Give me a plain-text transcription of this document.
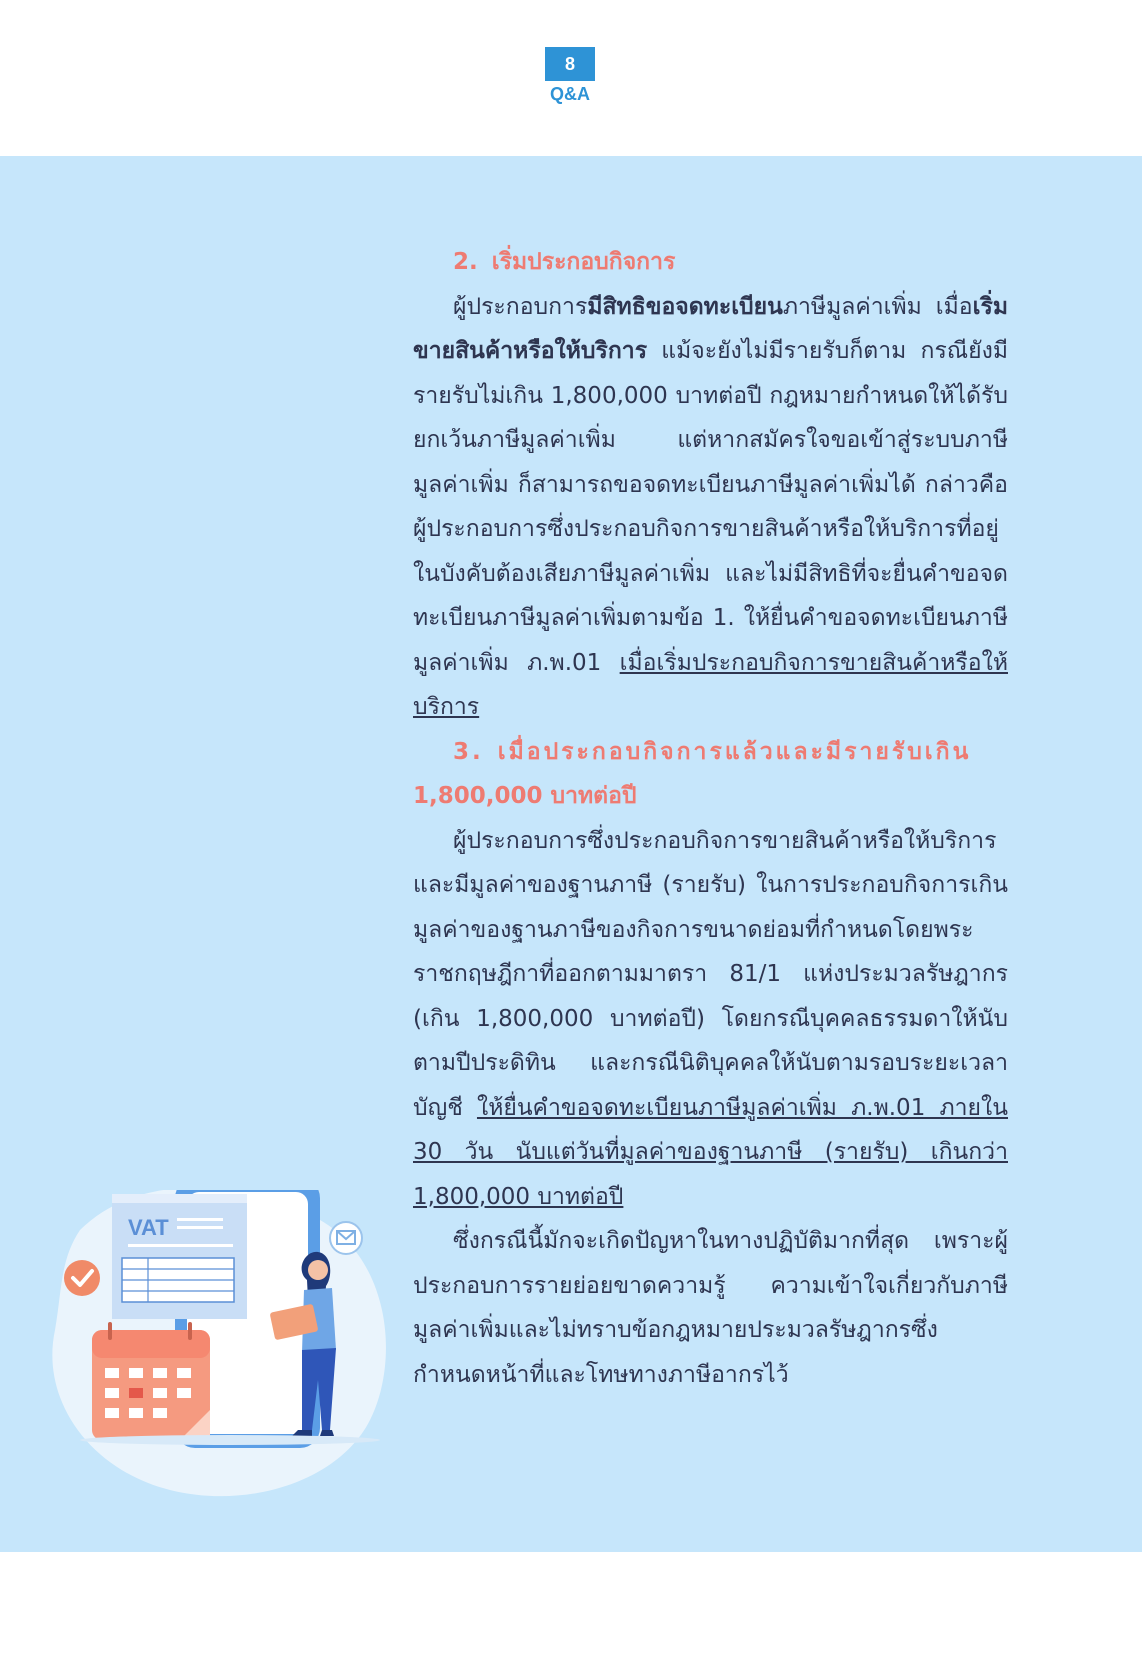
8
Q&A

2. เริ่มประกอบกิจการ

ผู้ประกอบการมีสิทธิขอจดทะเบียนภาษีมูลค่าเพิ่ม เมื่อเริ่มขายสินค้าหรือให้บริการ แม้จะยังไม่มีรายรับก็ตาม กรณียังมีรายรับไม่เกิน 1,800,000 บาทต่อปี กฎหมายกำหนดให้ได้รับยกเว้นภาษีมูลค่าเพิ่ม แต่หากสมัครใจขอเข้าสู่ระบบภาษีมูลค่าเพิ่ม ก็สามารถขอจดทะเบียนภาษีมูลค่าเพิ่มได้ กล่าวคือ ผู้ประกอบการซึ่งประกอบกิจการขายสินค้าหรือให้บริการที่อยู่ในบังคับต้องเสียภาษีมูลค่าเพิ่ม และไม่มีสิทธิที่จะยื่นคำขอจดทะเบียนภาษีมูลค่าเพิ่มตามข้อ 1. ให้ยื่นคำขอจดทะเบียนภาษีมูลค่าเพิ่ม ภ.พ.01 เมื่อเริ่มประกอบกิจการขายสินค้าหรือให้บริการ

3. เมื่อประกอบกิจการแล้วและมีรายรับเกิน
1,800,000 บาทต่อปี

ผู้ประกอบการซึ่งประกอบกิจการขายสินค้าหรือให้บริการและมีมูลค่าของฐานภาษี (รายรับ) ในการประกอบกิจการเกินมูลค่าของฐานภาษีของกิจการขนาดย่อมที่กำหนดโดยพระราชกฤษฎีกาที่ออกตามมาตรา 81/1 แห่งประมวลรัษฎากร (เกิน 1,800,000 บาทต่อปี) โดยกรณีบุคคลธรรมดาให้นับตามปีประดิทิน และกรณีนิติบุคคลให้นับตามรอบระยะเวลาบัญชี ให้ยื่นคำขอจดทะเบียนภาษีมูลค่าเพิ่ม ภ.พ.01 ภายใน 30 วัน นับแต่วันที่มูลค่าของฐานภาษี (รายรับ) เกินกว่า 1,800,000 บาทต่อปี

ซึ่งกรณีนี้มักจะเกิดปัญหาในทางปฏิบัติมากที่สุด เพราะผู้ประกอบการรายย่อยขาดความรู้ ความเข้าใจเกี่ยวกับภาษีมูลค่าเพิ่มและไม่ทราบข้อกฎหมายประมวลรัษฎากรซึ่งกำหนดหน้าที่และโทษทางภาษีอากรไว้

VAT
